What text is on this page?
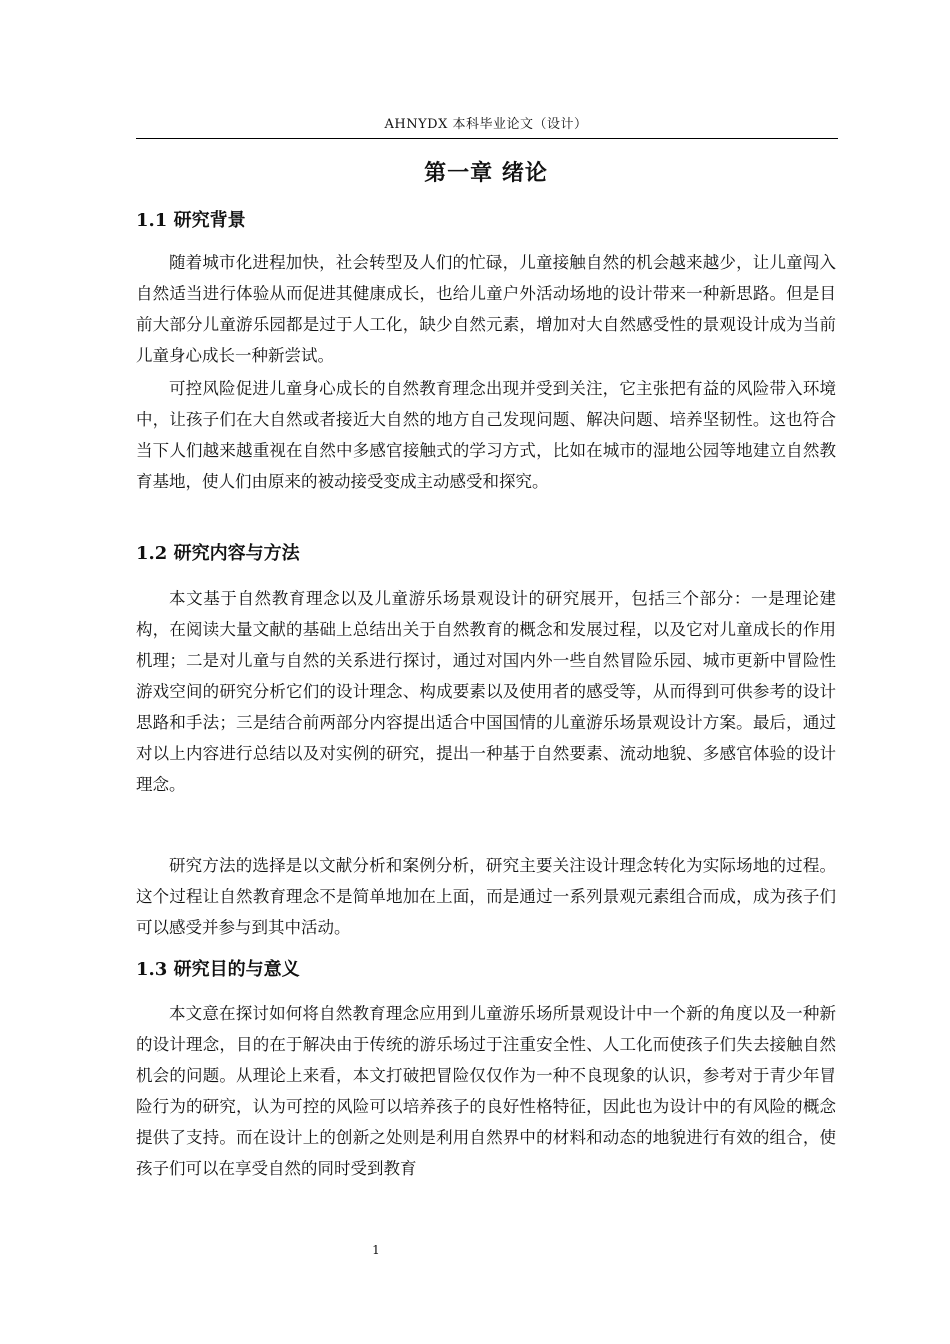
AHNYDX 本科毕业论文（设计）
第一章 绪论
1.1 研究背景

随着城市化进程加快，社会转型及人们的忙碌，儿童接触自然的机会越来越少，让儿童闯入自然适当进行体验从而促进其健康成长，也给儿童户外活动场地的设计带来一种新思路。但是目前大部分儿童游乐园都是过于人工化，缺少自然元素，增加对大自然感受性的景观设计成为当前儿童身心成长一种新尝试。

可控风险促进儿童身心成长的自然教育理念出现并受到关注，它主张把有益的风险带入环境中，让孩子们在大自然或者接近大自然的地方自己发现问题、解决问题、培养坚韧性。这也符合当下人们越来越重视在自然中多感官接触式的学习方式，比如在城市的湿地公园等地建立自然教育基地，使人们由原来的被动接受变成主动感受和探究。

1.2 研究内容与方法

本文基于自然教育理念以及儿童游乐场景观设计的研究展开，包括三个部分：一是理论建构，在阅读大量文献的基础上总结出关于自然教育的概念和发展过程，以及它对儿童成长的作用机理；二是对儿童与自然的关系进行探讨，通过对国内外一些自然冒险乐园、城市更新中冒险性游戏空间的研究分析它们的设计理念、构成要素以及使用者的感受等，从而得到可供参考的设计思路和手法；三是结合前两部分内容提出适合中国国情的儿童游乐场景观设计方案。最后，通过对以上内容进行总结以及对实例的研究，提出一种基于自然要素、流动地貌、多感官体验的设计理念。

研究方法的选择是以文献分析和案例分析，研究主要关注设计理念转化为实际场地的过程。这个过程让自然教育理念不是简单地加在上面，而是通过一系列景观元素组合而成，成为孩子们可以感受并参与到其中活动。

1.3 研究目的与意义

本文意在探讨如何将自然教育理念应用到儿童游乐场所景观设计中一个新的角度以及一种新的设计理念，目的在于解决由于传统的游乐场过于注重安全性、人工化而使孩子们失去接触自然机会的问题。从理论上来看，本文打破把冒险仅仅作为一种不良现象的认识，参考对于青少年冒险行为的研究，认为可控的风险可以培养孩子的良好性格特征，因此也为设计中的有风险的概念提供了支持。而在设计上的创新之处则是利用自然界中的材料和动态的地貌进行有效的组合，使孩子们可以在享受自然的同时受到教育

1
